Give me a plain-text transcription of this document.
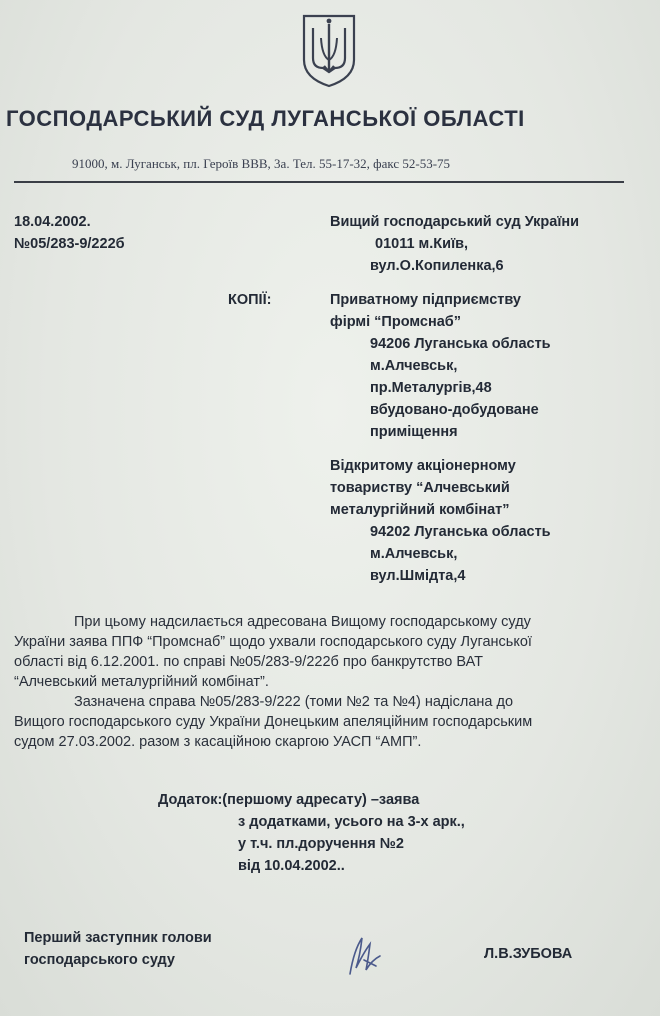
ГОСПОДАРСЬКИЙ СУД ЛУГАНСЬКОЇ ОБЛАСТІ
91000, м. Луганськ, пл. Героїв ВВВ, 3а. Тел. 55-17-32, факс 52-53-75
18.04.2002.
№05/283-9/222б
Вищий господарський суд України
01011 м.Київ,
вул.О.Копиленка,6
КОПІЇ:	Приватному підприємству
фірмі “Промснаб”
94206 Луганська область
м.Алчевськ,
пр.Металургів,48
вбудовано-добудоване
приміщення
Відкритому акціонерному
товариству “Алчевський
металургійний комбінат”
94202 Луганська область
м.Алчевськ,
вул.Шмідта,4
При цьому надсилається адресована Вищому господарському суду
України заява ППФ “Промснаб” щодо ухвали господарського суду Луганської
області від 6.12.2001. по справі №05/283-9/222б про банкрутство ВАТ
“Алчевський металургійний комбінат”.
Зазначена справа №05/283-9/222 (томи №2 та №4) надіслана до
Вищого господарського суду України Донецьким апеляційним господарським
судом 27.03.2002. разом з касаційною скаргою УАСП “АМП”.
Додаток:(першому адресату) –заява
з додатками, усього на 3-х арк.,
у т.ч. пл.доручення №2
від 10.04.2002..
Перший заступник голови
господарського суду	Л.В.ЗУБОВА
